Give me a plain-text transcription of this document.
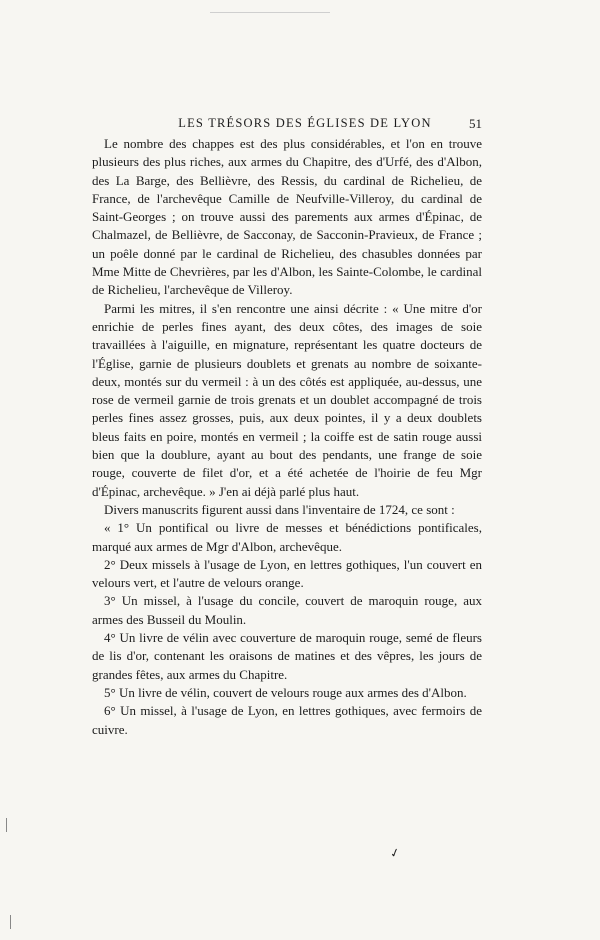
LES TRÉSORS DES ÉGLISES DE LYON	51

Le nombre des chappes est des plus considérables, et l'on en trouve plusieurs des plus riches, aux armes du Chapitre, des d'Urfé, des d'Albon, des La Barge, des Bellièvre, des Ressis, du cardinal de Richelieu, de France, de l'archevêque Camille de Neufville-Villeroy, du cardinal de Saint-Georges ; on trouve aussi des parements aux armes d'Épinac, de Chalmazel, de Bellièvre, de Sacconay, de Sacconin-Pravieux, de France ; un poêle donné par le cardinal de Richelieu, des chasubles données par Mme Mitte de Chevrières, par les d'Albon, les Sainte-Colombe, le cardinal de Richelieu, l'archevêque de Villeroy.

Parmi les mitres, il s'en rencontre une ainsi décrite : « Une mitre d'or enrichie de perles fines ayant, des deux côtes, des images de soie travaillées à l'aiguille, en mignature, représentant les quatre docteurs de l'Église, garnie de plusieurs doublets et grenats au nombre de soixante-deux, montés sur du vermeil : à un des côtés est appliquée, au-dessus, une rose de vermeil garnie de trois grenats et un doublet accompagné de trois perles fines assez grosses, puis, aux deux pointes, il y a deux doublets bleus faits en poire, montés en vermeil ; la coiffe est de satin rouge aussi bien que la doublure, ayant au bout des pendants, une frange de soie rouge, couverte de filet d'or, et a été achetée de l'hoirie de feu Mgr d'Épinac, archevêque. » J'en ai déjà parlé plus haut.

Divers manuscrits figurent aussi dans l'inventaire de 1724, ce sont :

« 1° Un pontifical ou livre de messes et bénédictions pontificales, marqué aux armes de Mgr d'Albon, archevêque.

2° Deux missels à l'usage de Lyon, en lettres gothiques, l'un couvert en velours vert, et l'autre de velours orange.

3° Un missel, à l'usage du concile, couvert de maroquin rouge, aux armes des Busseil du Moulin.

4° Un livre de vélin avec couverture de maroquin rouge, semé de fleurs de lis d'or, contenant les oraisons de matines et des vêpres, les jours de grandes fêtes, aux armes du Chapitre.

5° Un livre de vélin, couvert de velours rouge aux armes des d'Albon.

6° Un missel, à l'usage de Lyon, en lettres gothiques, avec fermoirs de cuivre.

✓
